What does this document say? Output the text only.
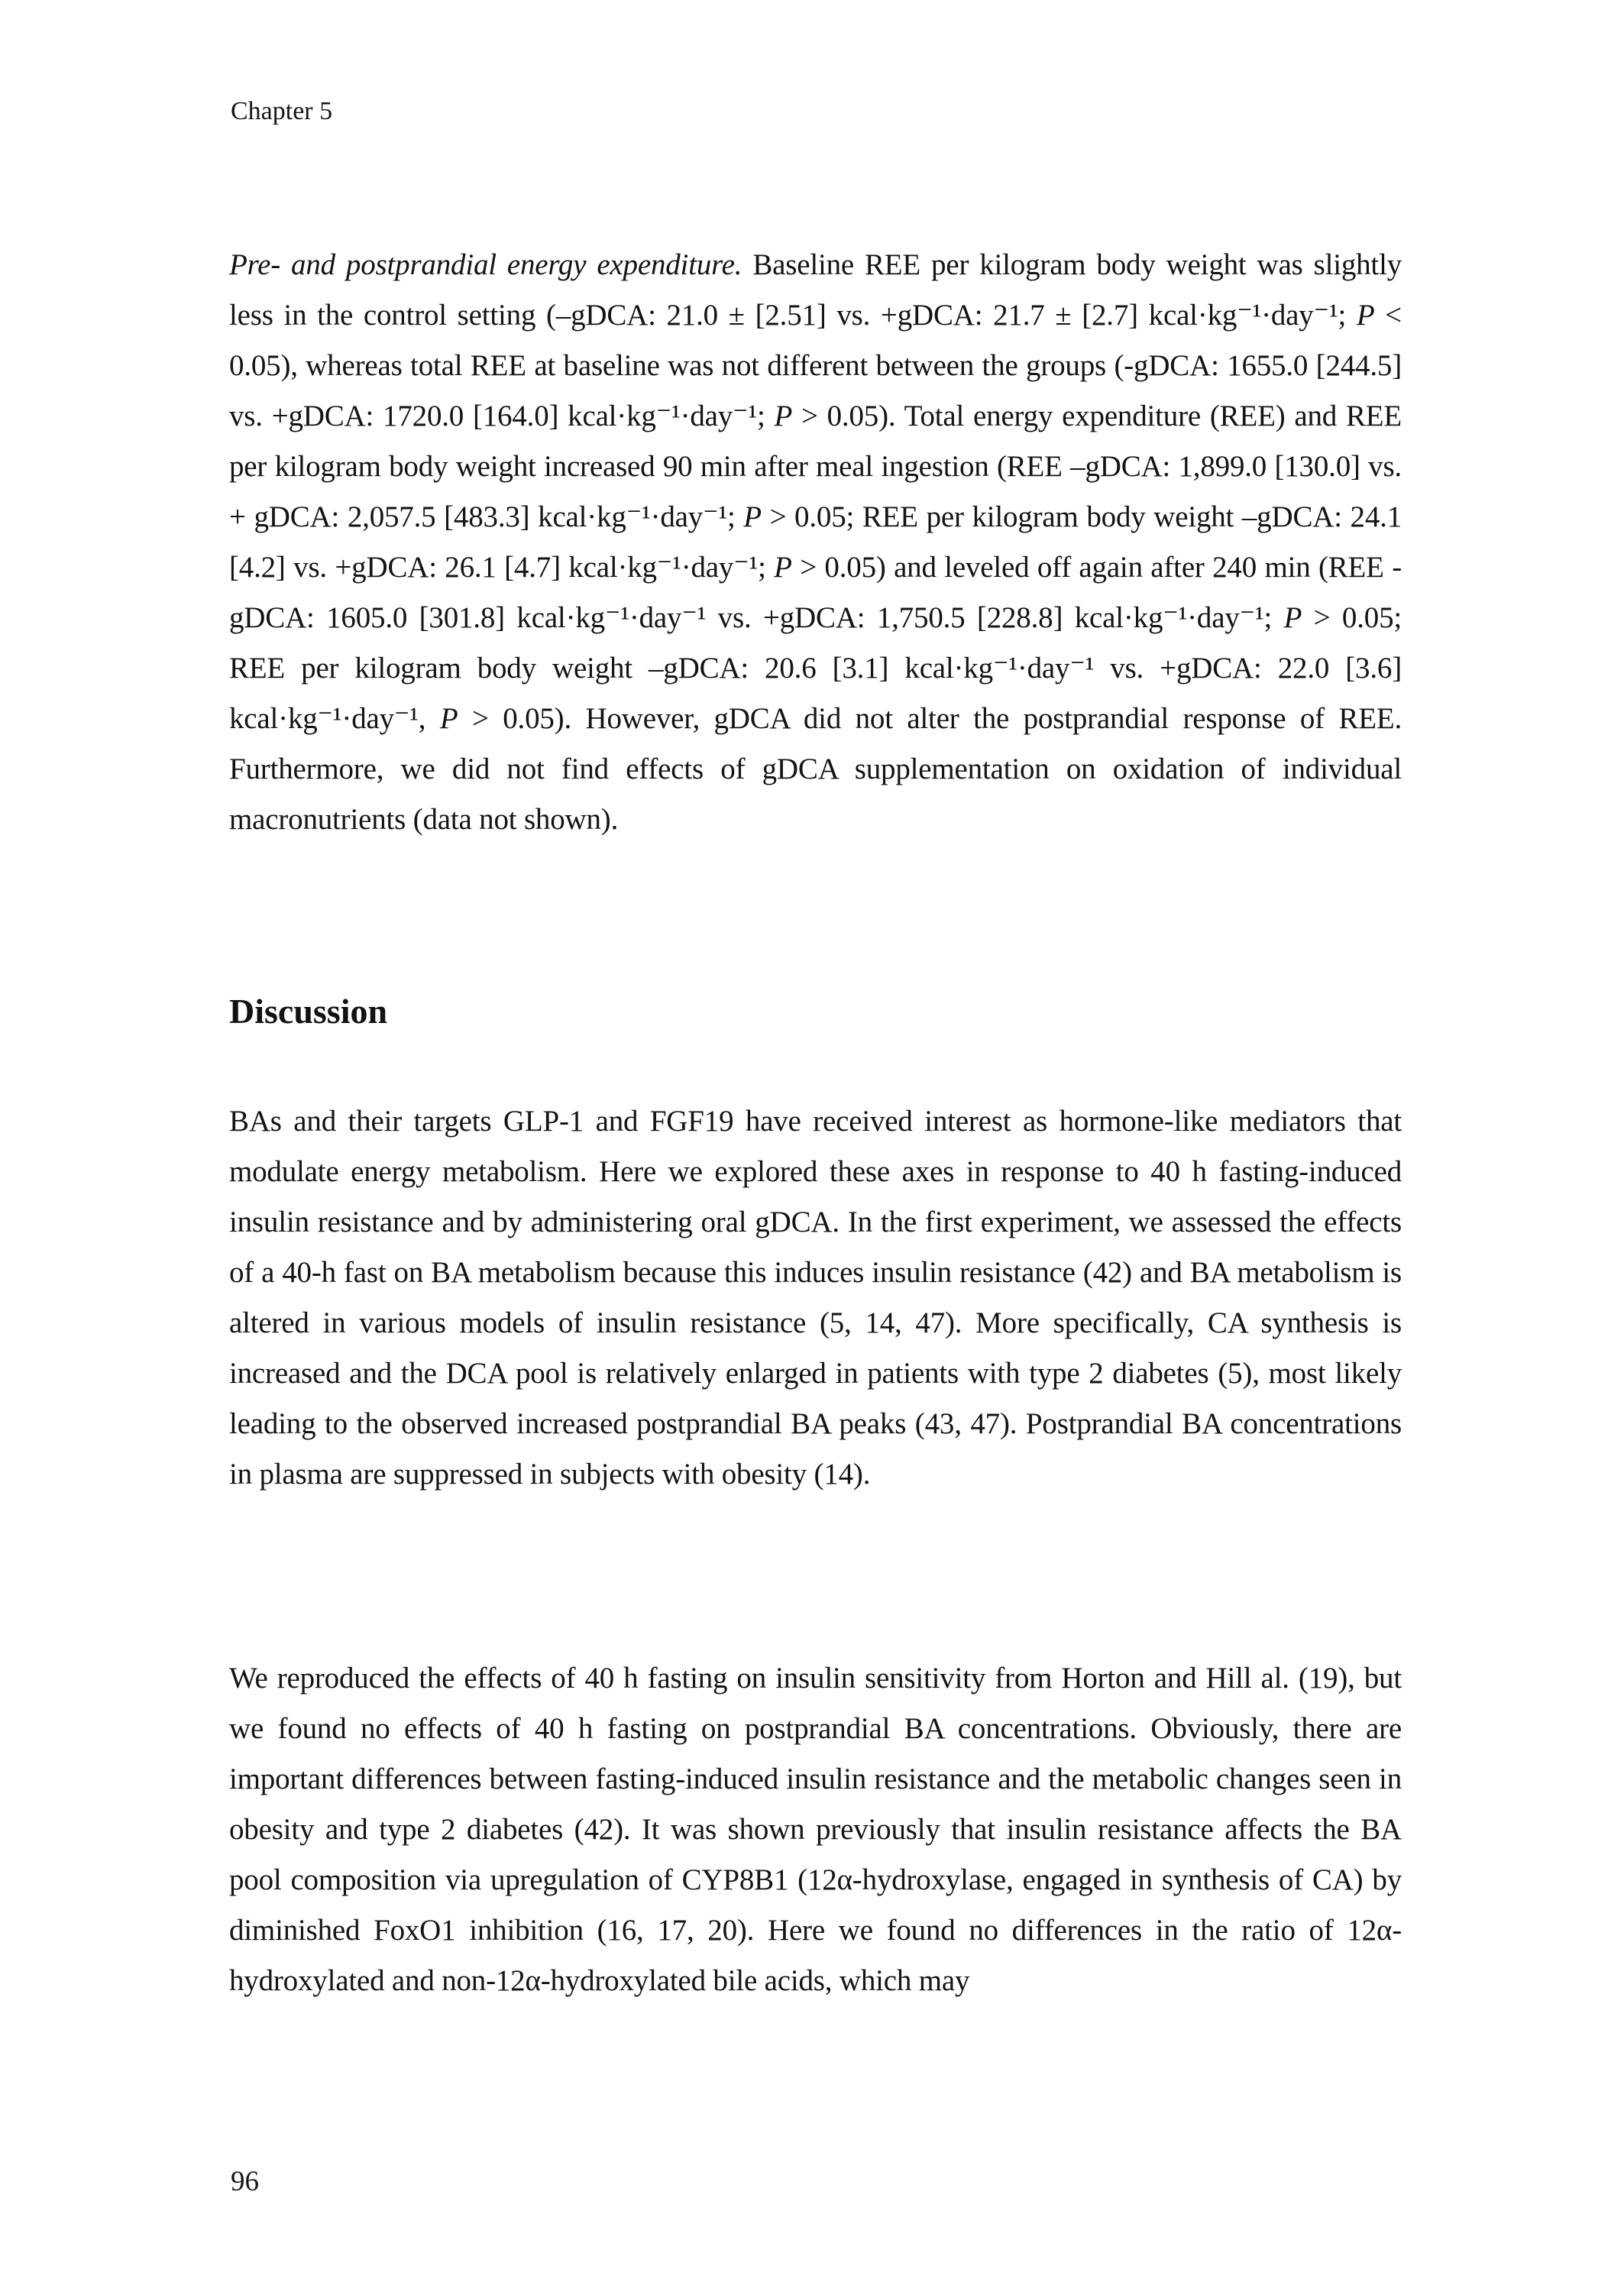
Chapter 5

Pre- and postprandial energy expenditure. Baseline REE per kilogram body weight was slightly less in the control setting (–gDCA: 21.0 ± [2.51] vs. +gDCA: 21.7 ± [2.7] kcal·kg⁻¹·day⁻¹; P < 0.05), whereas total REE at baseline was not different between the groups (-gDCA: 1655.0 [244.5] vs. +gDCA: 1720.0 [164.0] kcal·kg⁻¹·day⁻¹; P > 0.05). Total energy expenditure (REE) and REE per kilogram body weight increased 90 min after meal ingestion (REE –gDCA: 1,899.0 [130.0] vs. + gDCA: 2,057.5 [483.3] kcal·kg⁻¹·day⁻¹; P > 0.05; REE per kilogram body weight –gDCA: 24.1 [4.2] vs. +gDCA: 26.1 [4.7] kcal·kg⁻¹·day⁻¹; P > 0.05) and leveled off again after 240 min (REE -gDCA: 1605.0 [301.8] kcal·kg⁻¹·day⁻¹ vs. +gDCA: 1,750.5 [228.8] kcal·kg⁻¹·day⁻¹; P > 0.05; REE per kilogram body weight –gDCA: 20.6 [3.1] kcal·kg⁻¹·day⁻¹ vs. +gDCA: 22.0 [3.6] kcal·kg⁻¹·day⁻¹, P > 0.05). However, gDCA did not alter the postprandial response of REE. Furthermore, we did not find effects of gDCA supplementation on oxidation of individual macronutrients (data not shown).

Discussion

BAs and their targets GLP-1 and FGF19 have received interest as hormone-like mediators that modulate energy metabolism. Here we explored these axes in response to 40 h fasting-induced insulin resistance and by administering oral gDCA. In the first experiment, we assessed the effects of a 40-h fast on BA metabolism because this induces insulin resistance (42) and BA metabolism is altered in various models of insulin resistance (5, 14, 47). More specifically, CA synthesis is increased and the DCA pool is relatively enlarged in patients with type 2 diabetes (5), most likely leading to the observed increased postprandial BA peaks (43, 47). Postprandial BA concentrations in plasma are suppressed in subjects with obesity (14).

We reproduced the effects of 40 h fasting on insulin sensitivity from Horton and Hill al. (19), but we found no effects of 40 h fasting on postprandial BA concentrations. Obviously, there are important differences between fasting-induced insulin resistance and the metabolic changes seen in obesity and type 2 diabetes (42). It was shown previously that insulin resistance affects the BA pool composition via upregulation of CYP8B1 (12α-hydroxylase, engaged in synthesis of CA) by diminished FoxO1 inhibition (16, 17, 20). Here we found no differences in the ratio of 12α-hydroxylated and non-12α-hydroxylated bile acids, which may

96
